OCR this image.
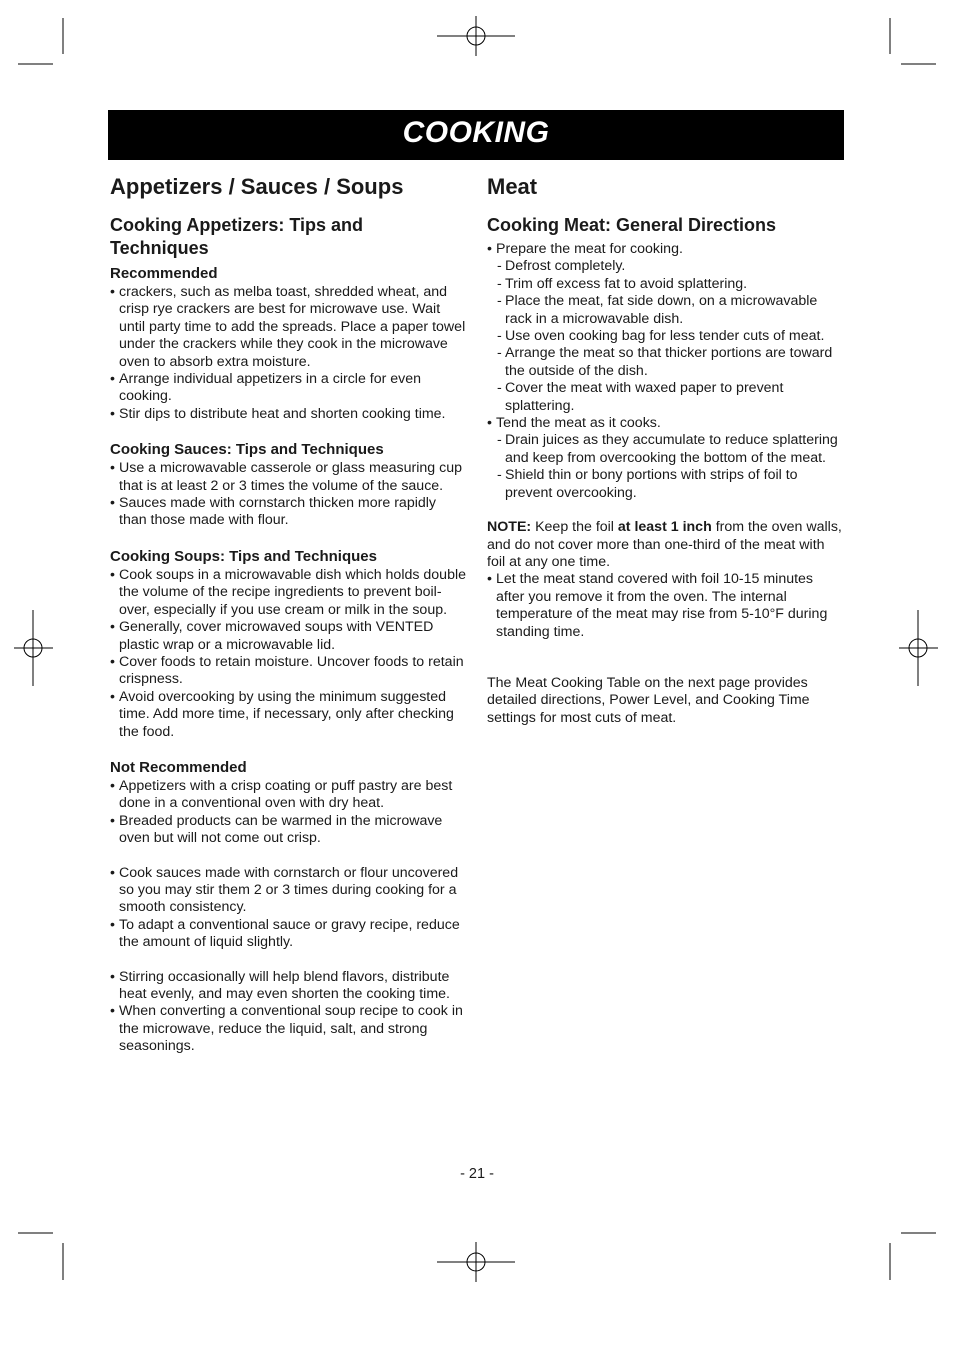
COOKING
Appetizers / Sauces / Soups
Cooking Appetizers: Tips and Techniques
Recommended
• crackers, such as melba toast, shredded wheat, and crisp rye crackers are best for microwave use. Wait until party time to add the spreads. Place a paper towel under the crackers while they cook in the microwave oven to absorb extra moisture.
• Arrange individual appetizers in a circle for even cooking.
• Stir dips to distribute heat and shorten cooking time.
Cooking Sauces: Tips and Techniques
• Use a microwavable casserole or glass measuring cup that is at least 2 or 3 times the volume of the sauce.
• Sauces made with cornstarch thicken more rapidly than those made with flour.
Cooking Soups: Tips and Techniques
• Cook soups in a microwavable dish which holds double the volume of the recipe ingredients to prevent boil-over, especially if you use cream or milk in the soup.
• Generally, cover microwaved soups with VENTED plastic wrap or a microwavable lid.
• Cover foods to retain moisture. Uncover foods to retain crispness.
• Avoid overcooking by using the minimum suggested time. Add more time, if necessary, only after checking the food.
Not Recommended
• Appetizers with a crisp coating or puff pastry are best done in a conventional oven with dry heat.
• Breaded products can be warmed in the microwave oven but will not come out crisp.
• Cook sauces made with cornstarch or flour uncovered so you may stir them 2 or 3 times during cooking for a smooth consistency.
• To adapt a conventional sauce or gravy recipe, reduce the amount of liquid slightly.
• Stirring occasionally will help blend flavors, distribute heat evenly, and may even shorten the cooking time.
• When converting a conventional soup recipe to cook in the microwave, reduce the liquid, salt, and strong seasonings.
Meat
Cooking Meat: General Directions
• Prepare the meat for cooking.
- Defrost completely.
- Trim off excess fat to avoid splattering.
- Place the meat, fat side down, on a microwavable rack in a microwavable dish.
- Use oven cooking bag for less tender cuts of meat.
- Arrange the meat so that thicker portions are toward the outside of the dish.
- Cover the meat with waxed paper to prevent splattering.
• Tend the meat as it cooks.
- Drain juices as they accumulate to reduce splattering and keep from overcooking the bottom of the meat.
- Shield thin or bony portions with strips of foil to prevent overcooking.

NOTE: Keep the foil at least 1 inch from the oven walls, and do not cover more than one-third of the meat with foil at any one time.

• Let the meat stand covered with foil 10-15 minutes after you remove it from the oven. The internal temperature of the meat may rise from 5-10°F during standing time.

The Meat Cooking Table on the next page provides detailed directions, Power Level, and Cooking Time settings for most cuts of meat.

- 21 -
